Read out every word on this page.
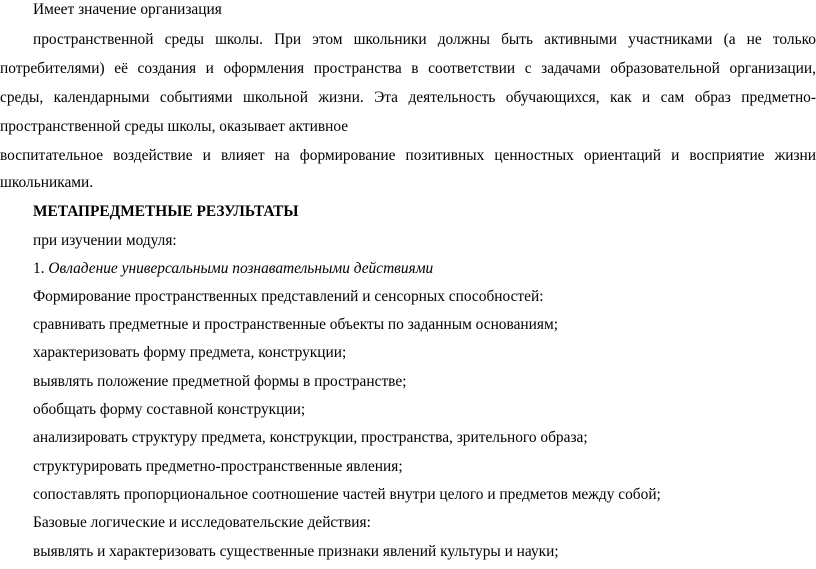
Имеет значение организация
пространственной среды школы. При этом школьники должны быть активными участниками (а не только
потребителями) её создания и оформления пространства в соответствии с задачами образовательной организации,
среды, календарными событиями школьной жизни. Эта деятельность обучающихся, как и сам образ предметно-
пространственной среды школы, оказывает активное
воспитательное воздействие и влияет на формирование позитивных ценностных ориентаций и восприятие жизни
школьниками.
МЕТАПРЕДМЕТНЫЕ РЕЗУЛЬТАТЫ
при изучении модуля:
1. Овладение универсальными познавательными действиями
Формирование пространственных представлений и сенсорных способностей:
сравнивать предметные и пространственные объекты по заданным основаниям;
характеризовать форму предмета, конструкции;
выявлять положение предметной формы в пространстве;
обобщать форму составной конструкции;
анализировать структуру предмета, конструкции, пространства, зрительного образа;
структурировать предметно-пространственные явления;
сопоставлять пропорциональное соотношение частей внутри целого и предметов между собой;
Базовые логические и исследовательские действия:
выявлять и характеризовать существенные признаки явлений культуры и науки;
